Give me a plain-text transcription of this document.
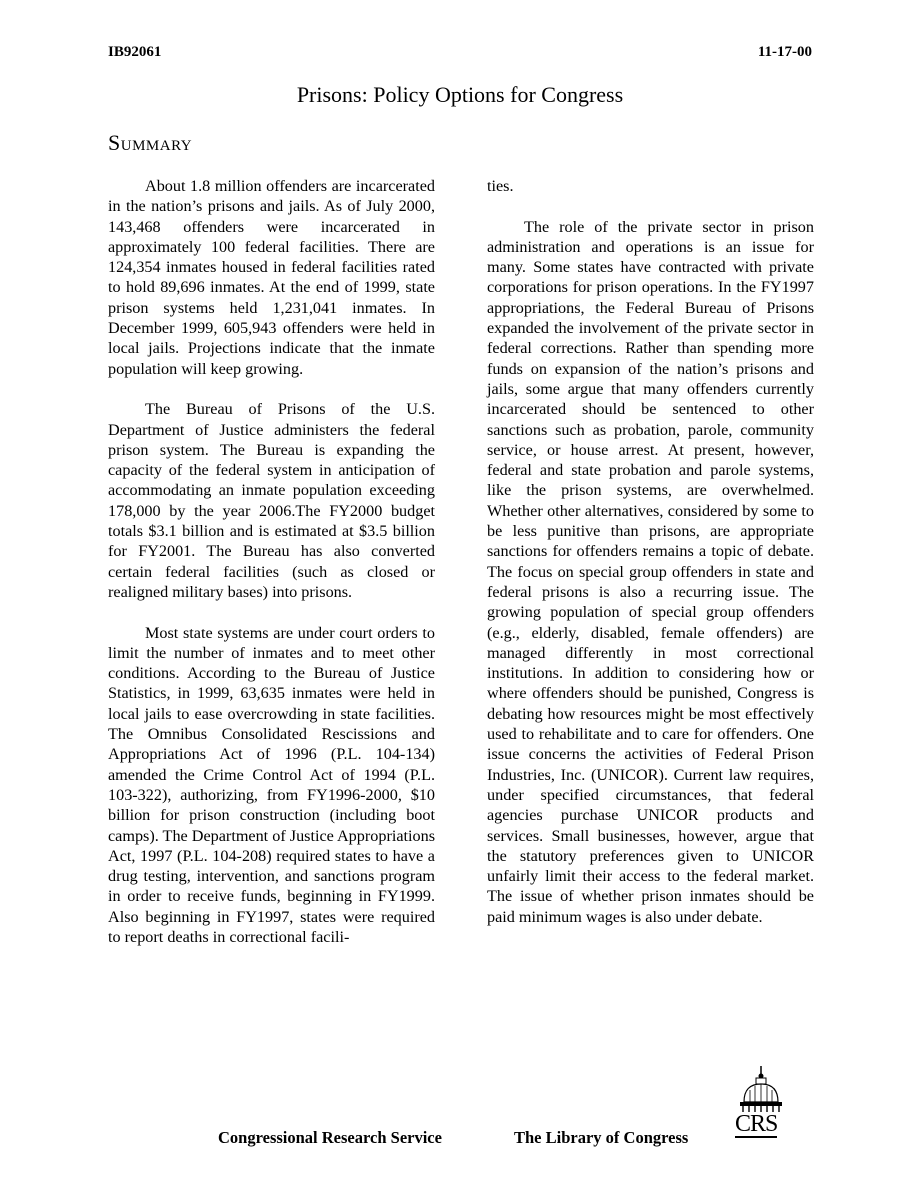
IB92061	11-17-00
Prisons: Policy Options for Congress
Summary

About 1.8 million offenders are incarcerated in the nation’s prisons and jails. As of July 2000, 143,468 offenders were incarcerated in approximately 100 federal facilities. There are 124,354 inmates housed in federal facilities rated to hold 89,696 inmates. At the end of 1999, state prison systems held 1,231,041 inmates. In December 1999, 605,943 offenders were held in local jails. Projections indicate that the inmate population will keep growing.

The Bureau of Prisons of the U.S. Department of Justice administers the federal prison system. The Bureau is expanding the capacity of the federal system in anticipation of accommodating an inmate population exceeding 178,000 by the year 2006.The FY2000 budget totals $3.1 billion and is estimated at $3.5 billion for FY2001. The Bureau has also converted certain federal facilities (such as closed or realigned military bases) into prisons.

Most state systems are under court orders to limit the number of inmates and to meet other conditions. According to the Bureau of Justice Statistics, in 1999, 63,635 inmates were held in local jails to ease overcrowding in state facilities. The Omnibus Consolidated Rescissions and Appropriations Act of 1996 (P.L. 104-134) amended the Crime Control Act of 1994 (P.L. 103-322), authorizing, from FY1996-2000, $10 billion for prison construction (including boot camps). The Department of Justice Appropriations Act, 1997 (P.L. 104-208) required states to have a drug testing, intervention, and sanctions program in order to receive funds, beginning in FY1999. Also beginning in FY1997, states were required to report deaths in correctional facili-

ties.

The role of the private sector in prison administration and operations is an issue for many. Some states have contracted with private corporations for prison operations. In the FY1997 appropriations, the Federal Bureau of Prisons expanded the involvement of the private sector in federal corrections. Rather than spending more funds on expansion of the nation’s prisons and jails, some argue that many offenders currently incarcerated should be sentenced to other sanctions such as probation, parole, community service, or house arrest. At present, however, federal and state probation and parole systems, like the prison systems, are overwhelmed. Whether other alternatives, considered by some to be less punitive than prisons, are appropriate sanctions for offenders remains a topic of debate. The focus on special group offenders in state and federal prisons is also a recurring issue. The growing population of special group offenders (e.g., elderly, disabled, female offenders) are managed differently in most correctional institutions. In addition to considering how or where offenders should be punished, Congress is debating how resources might be most effectively used to rehabilitate and to care for offenders. One issue concerns the activities of Federal Prison Industries, Inc. (UNICOR). Current law requires, under specified circumstances, that federal agencies purchase UNICOR products and services. Small businesses, however, argue that the statutory preferences given to UNICOR unfairly limit their access to the federal market. The issue of whether prison inmates should be paid minimum wages is also under debate.

Congressional Research Service	The Library of Congress
CRS
